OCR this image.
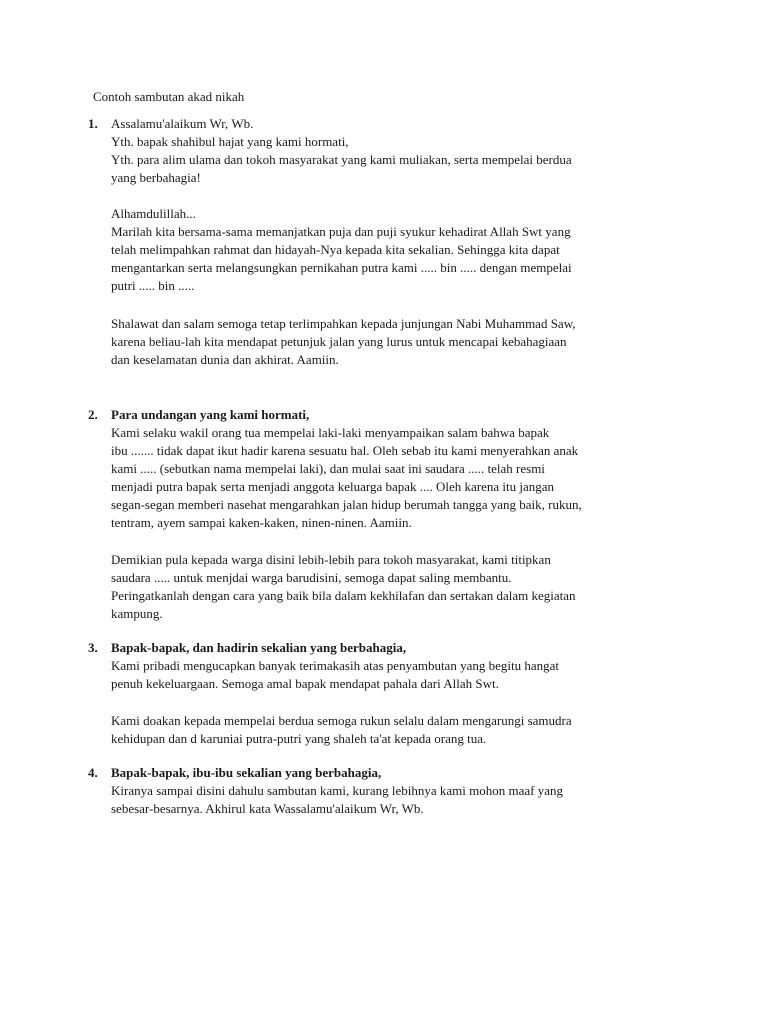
Contoh sambutan akad nikah
1. Assalamu'alaikum Wr, Wb.
Yth. bapak shahibul hajat yang kami hormati,
Yth. para alim ulama dan tokoh masyarakat yang kami muliakan, serta mempelai berdua
yang berbahagia!
Alhamdulillah...
Marilah kita bersama-sama memanjatkan puja dan puji syukur kehadirat Allah Swt yang
telah melimpahkan rahmat dan hidayah-Nya kepada kita sekalian. Sehingga kita dapat
mengantarkan serta melangsungkan pernikahan putra kami ..... bin ..... dengan mempelai
putri ..... bin .....
Shalawat dan salam semoga tetap terlimpahkan kepada junjungan Nabi Muhammad Saw,
karena beliau-lah kita mendapat petunjuk jalan yang lurus untuk mencapai kebahagiaan
dan keselamatan dunia dan akhirat. Aamiin.
2. Para undangan yang kami hormati,
Kami selaku wakil orang tua mempelai laki-laki menyampaikan salam bahwa bapak
ibu ....... tidak dapat ikut hadir karena sesuatu hal. Oleh sebab itu kami menyerahkan anak
kami ..... (sebutkan nama mempelai laki), dan mulai saat ini saudara ..... telah resmi
menjadi putra bapak serta menjadi anggota keluarga bapak .... Oleh karena itu jangan
segan-segan memberi nasehat mengarahkan jalan hidup berumah tangga yang baik, rukun,
tentram, ayem sampai kaken-kaken, ninen-ninen. Aamiin.
Demikian pula kepada warga disini lebih-lebih para tokoh masyarakat, kami titipkan
saudara ..... untuk menjdai warga barudisini, semoga dapat saling membantu.
Peringatkanlah dengan cara yang baik bila dalam kekhilafan dan sertakan dalam kegiatan
kampung.
3. Bapak-bapak, dan hadirin sekalian yang berbahagia,
Kami pribadi mengucapkan banyak terimakasih atas penyambutan yang begitu hangat
penuh kekeluargaan. Semoga amal bapak mendapat pahala dari Allah Swt.
Kami doakan kepada mempelai berdua semoga rukun selalu dalam mengarungi samudra
kehidupan dan d karuniai putra-putri yang shaleh ta'at kepada orang tua.
4. Bapak-bapak, ibu-ibu sekalian yang berbahagia,
Kiranya sampai disini dahulu sambutan kami, kurang lebihnya kami mohon maaf yang
sebesar-besarnya. Akhirul kata Wassalamu'alaikum Wr, Wb.
